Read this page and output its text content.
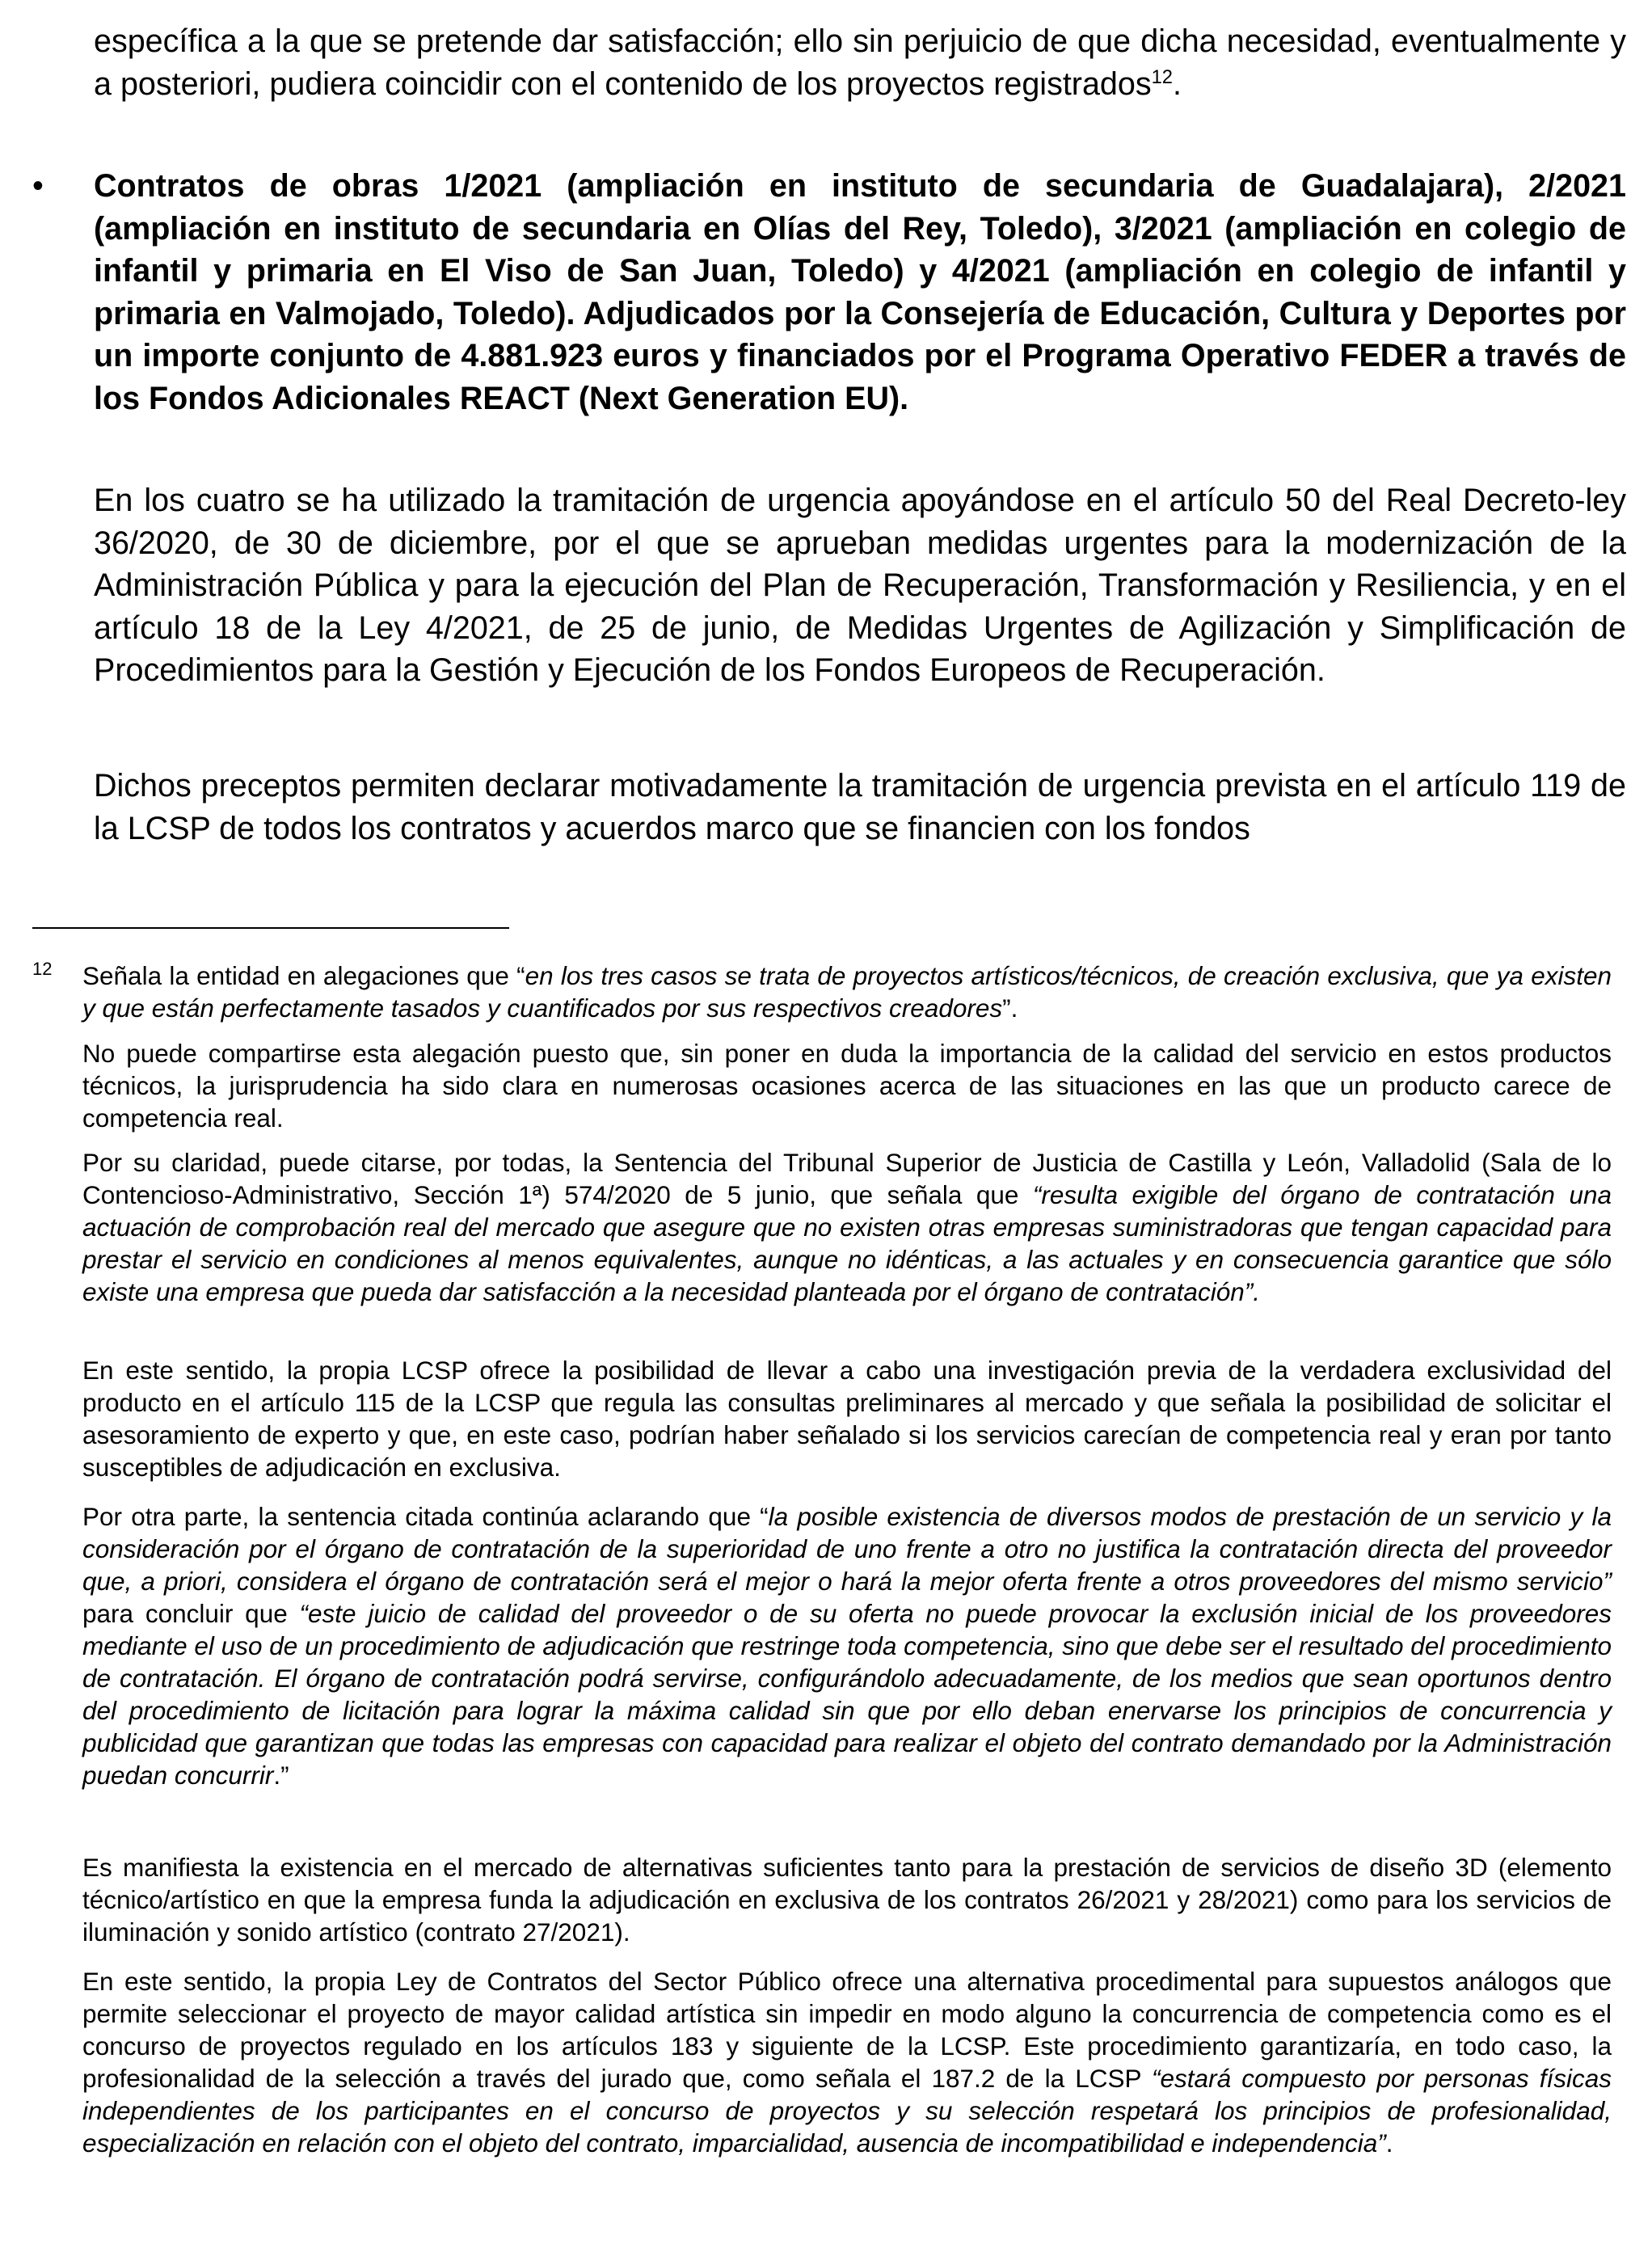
específica a la que se pretende dar satisfacción; ello sin perjuicio de que dicha necesidad, eventualmente y a posteriori, pudiera coincidir con el contenido de los proyectos registrados$^{12}$.

• Contratos de obras 1/2021 (ampliación en instituto de secundaria de Guadalajara), 2/2021 (ampliación en instituto de secundaria en Olías del Rey, Toledo), 3/2021 (ampliación en colegio de infantil y primaria en El Viso de San Juan, Toledo) y 4/2021 (ampliación en colegio de infantil y primaria en Valmojado, Toledo). Adjudicados por la Consejería de Educación, Cultura y Deportes por un importe conjunto de 4.881.923 euros y financiados por el Programa Operativo FEDER a través de los Fondos Adicionales REACT (Next Generation EU).

En los cuatro se ha utilizado la tramitación de urgencia apoyándose en el artículo 50 del Real Decreto-ley 36/2020, de 30 de diciembre, por el que se aprueban medidas urgentes para la modernización de la Administración Pública y para la ejecución del Plan de Recuperación, Transformación y Resiliencia, y en el artículo 18 de la Ley 4/2021, de 25 de junio, de Medidas Urgentes de Agilización y Simplificación de Procedimientos para la Gestión y Ejecución de los Fondos Europeos de Recuperación.

Dichos preceptos permiten declarar motivadamente la tramitación de urgencia prevista en el artículo 119 de la LCSP de todos los contratos y acuerdos marco que se financien con los fondos

12 Señala la entidad en alegaciones que “en los tres casos se trata de proyectos artísticos/técnicos, de creación exclusiva, que ya existen y que están perfectamente tasados y cuantificados por sus respectivos creadores”.

No puede compartirse esta alegación puesto que, sin poner en duda la importancia de la calidad del servicio en estos productos técnicos, la jurisprudencia ha sido clara en numerosas ocasiones acerca de las situaciones en las que un producto carece de competencia real.

Por su claridad, puede citarse, por todas, la Sentencia del Tribunal Superior de Justicia de Castilla y León, Valladolid (Sala de lo Contencioso-Administrativo, Sección 1ª) 574/2020 de 5 junio, que señala que “resulta exigible del órgano de contratación una actuación de comprobación real del mercado que asegure que no existen otras empresas suministradoras que tengan capacidad para prestar el servicio en condiciones al menos equivalentes, aunque no idénticas, a las actuales y en consecuencia garantice que sólo existe una empresa que pueda dar satisfacción a la necesidad planteada por el órgano de contratación”.

En este sentido, la propia LCSP ofrece la posibilidad de llevar a cabo una investigación previa de la verdadera exclusividad del producto en el artículo 115 de la LCSP que regula las consultas preliminares al mercado y que señala la posibilidad de solicitar el asesoramiento de experto y que, en este caso, podrían haber señalado si los servicios carecían de competencia real y eran por tanto susceptibles de adjudicación en exclusiva.

Por otra parte, la sentencia citada continúa aclarando que “la posible existencia de diversos modos de prestación de un servicio y la consideración por el órgano de contratación de la superioridad de uno frente a otro no justifica la contratación directa del proveedor que, a priori, considera el órgano de contratación será el mejor o hará la mejor oferta frente a otros proveedores del mismo servicio” para concluir que “este juicio de calidad del proveedor o de su oferta no puede provocar la exclusión inicial de los proveedores mediante el uso de un procedimiento de adjudicación que restringe toda competencia, sino que debe ser el resultado del procedimiento de contratación. El órgano de contratación podrá servirse, configurándolo adecuadamente, de los medios que sean oportunos dentro del procedimiento de licitación para lograr la máxima calidad sin que por ello deban enervarse los principios de concurrencia y publicidad que garantizan que todas las empresas con capacidad para realizar el objeto del contrato demandado por la Administración puedan concurrir.”

Es manifiesta la existencia en el mercado de alternativas suficientes tanto para la prestación de servicios de diseño 3D (elemento técnico/artístico en que la empresa funda la adjudicación en exclusiva de los contratos 26/2021 y 28/2021) como para los servicios de iluminación y sonido artístico (contrato 27/2021).

En este sentido, la propia Ley de Contratos del Sector Público ofrece una alternativa procedimental para supuestos análogos que permite seleccionar el proyecto de mayor calidad artística sin impedir en modo alguno la concurrencia de competencia como es el concurso de proyectos regulado en los artículos 183 y siguiente de la LCSP. Este procedimiento garantizaría, en todo caso, la profesionalidad de la selección a través del jurado que, como señala el 187.2 de la LCSP “estará compuesto por personas físicas independientes de los participantes en el concurso de proyectos y su selección respetará los principios de profesionalidad, especialización en relación con el objeto del contrato, imparcialidad, ausencia de incompatibilidad e independencia”.
